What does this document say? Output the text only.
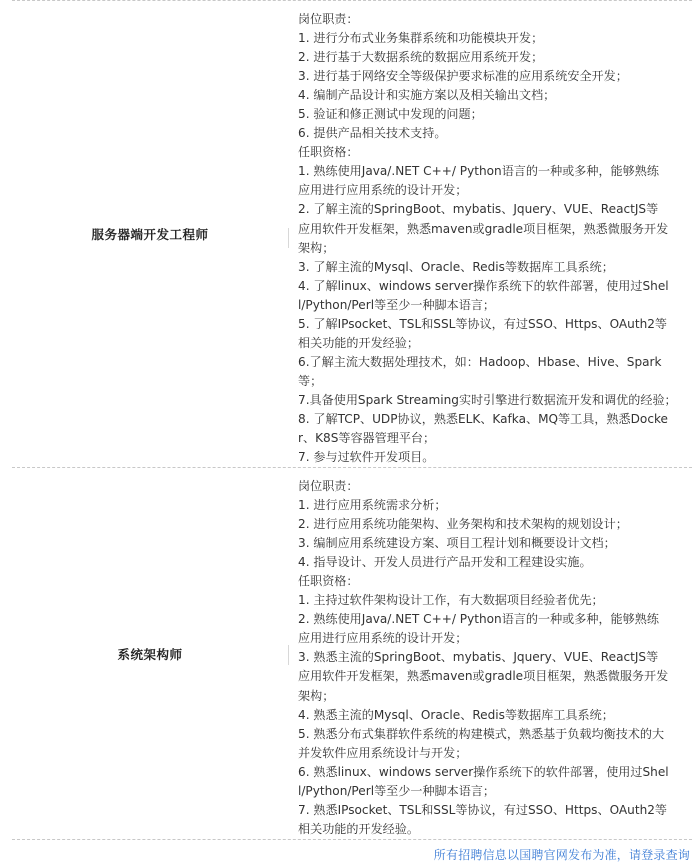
服务器端开发工程师
岗位职责：
1. 进行分布式业务集群系统和功能模块开发；
2. 进行基于大数据系统的数据应用系统开发；
3. 进行基于网络安全等级保护要求标准的应用系统安全开发；
4. 编制产品设计和实施方案以及相关输出文档；
5. 验证和修正测试中发现的问题；
6. 提供产品相关技术支持。
任职资格：
1. 熟练使用Java/.NET C++/ Python语言的一种或多种，能够熟练
应用进行应用系统的设计开发；
2. 了解主流的SpringBoot、mybatis、Jquery、VUE、ReactJS等
应用软件开发框架，熟悉maven或gradle项目框架，熟悉微服务开发
架构；
3. 了解主流的Mysql、Oracle、Redis等数据库工具系统；
4. 了解linux、windows server操作系统下的软件部署，使用过Shel
l/Python/Perl等至少一种脚本语言；
5. 了解IPsocket、TSL和SSL等协议，有过SSO、Https、OAuth2等
相关功能的开发经验；
6.了解主流大数据处理技术，如：Hadoop、Hbase、Hive、Spark
等；
7.具备使用Spark Streaming实时引擎进行数据流开发和调优的经验；
8. 了解TCP、UDP协议，熟悉ELK、Kafka、MQ等工具，熟悉Docke
r、K8S等容器管理平台；
7. 参与过软件开发项目。
系统架构师
岗位职责：
1. 进行应用系统需求分析；
2. 进行应用系统功能架构、业务架构和技术架构的规划设计；
3. 编制应用系统建设方案、项目工程计划和概要设计文档；
4. 指导设计、开发人员进行产品开发和工程建设实施。
任职资格：
1. 主持过软件架构设计工作，有大数据项目经验者优先；
2. 熟练使用Java/.NET C++/ Python语言的一种或多种，能够熟练
应用进行应用系统的设计开发；
3. 熟悉主流的SpringBoot、mybatis、Jquery、VUE、ReactJS等
应用软件开发框架，熟悉maven或gradle项目框架，熟悉微服务开发
架构；
4. 熟悉主流的Mysql、Oracle、Redis等数据库工具系统；
5. 熟悉分布式集群软件系统的构建模式，熟悉基于负载均衡技术的大
并发软件应用系统设计与开发；
6. 熟悉linux、windows server操作系统下的软件部署，使用过Shel
l/Python/Perl等至少一种脚本语言；
7. 熟悉IPsocket、TSL和SSL等协议，有过SSO、Https、OAuth2等
相关功能的开发经验。
所有招聘信息以国聘官网发布为准，请登录查询
